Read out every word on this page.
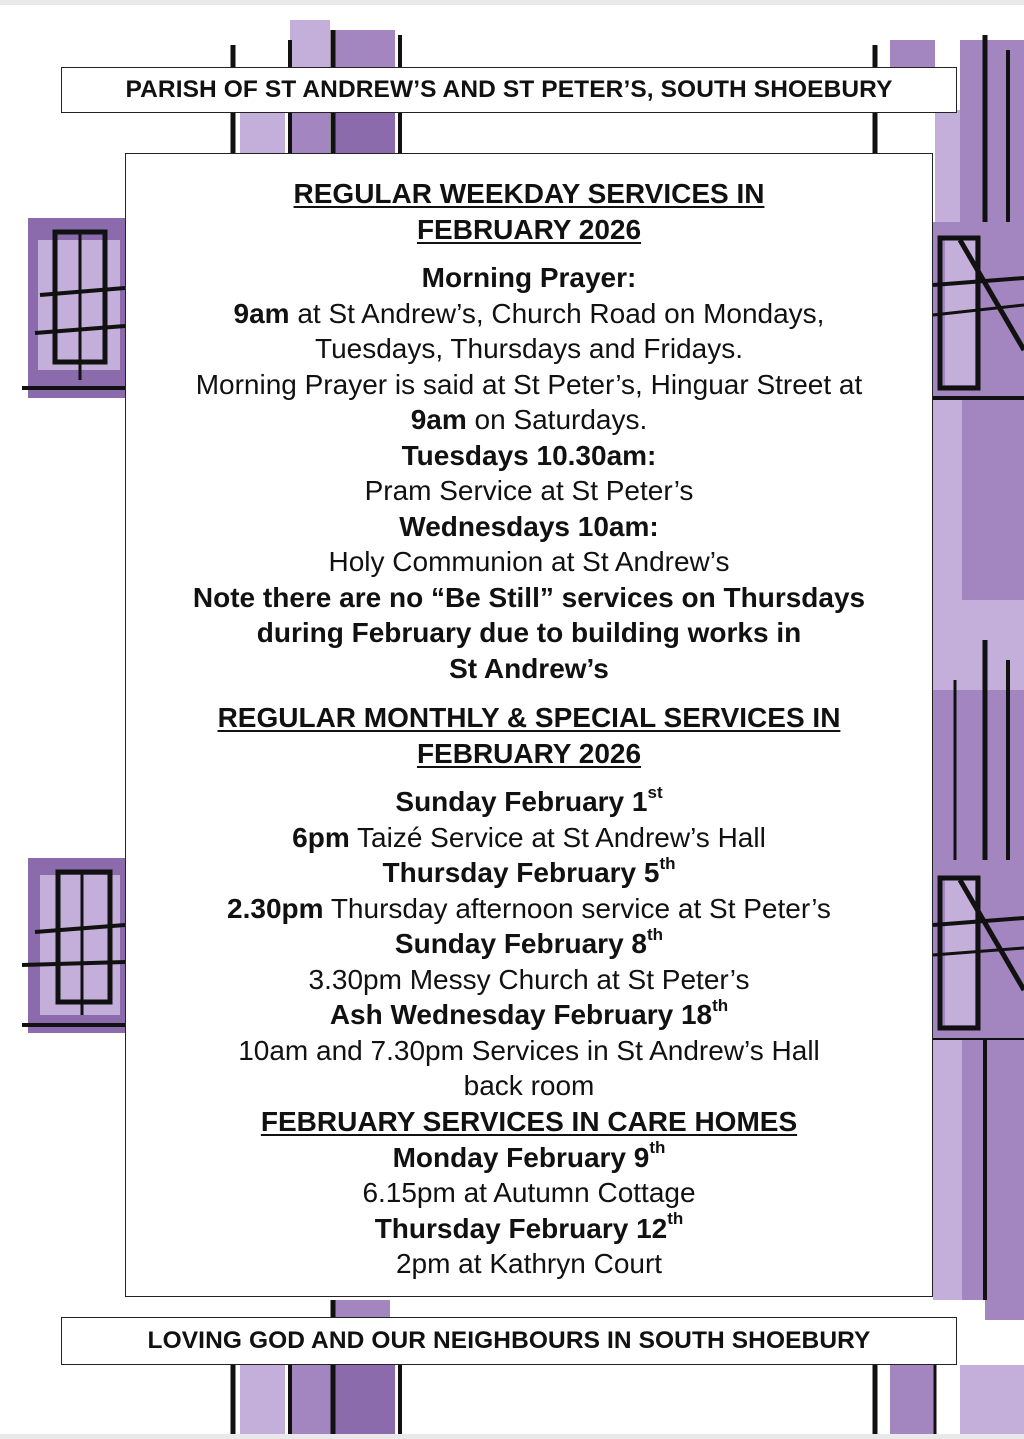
PARISH OF ST ANDREW’S AND ST PETER’S, SOUTH SHOEBURY
REGULAR WEEKDAY SERVICES IN
FEBRUARY 2026
Morning Prayer:
9am at St Andrew’s, Church Road on Mondays,
Tuesdays, Thursdays and Fridays.
Morning Prayer is said at St Peter’s, Hinguar Street at
9am on Saturdays.
Tuesdays 10.30am:
Pram Service at St Peter’s
Wednesdays 10am:
Holy Communion at St Andrew’s
Note there are no “Be Still” services on Thursdays
during February due to building works in
St Andrew’s
REGULAR MONTHLY & SPECIAL SERVICES IN
FEBRUARY 2026
Sunday February 1st
6pm Taizé Service at St Andrew’s Hall
Thursday February 5th
2.30pm Thursday afternoon service at St Peter’s
Sunday February 8th
3.30pm Messy Church at St Peter’s
Ash Wednesday February 18th
10am and 7.30pm Services in St Andrew’s Hall
back room
FEBRUARY SERVICES IN CARE HOMES
Monday February 9th
6.15pm at Autumn Cottage
Thursday February 12th
2pm at Kathryn Court
LOVING GOD AND OUR NEIGHBOURS IN SOUTH SHOEBURY
